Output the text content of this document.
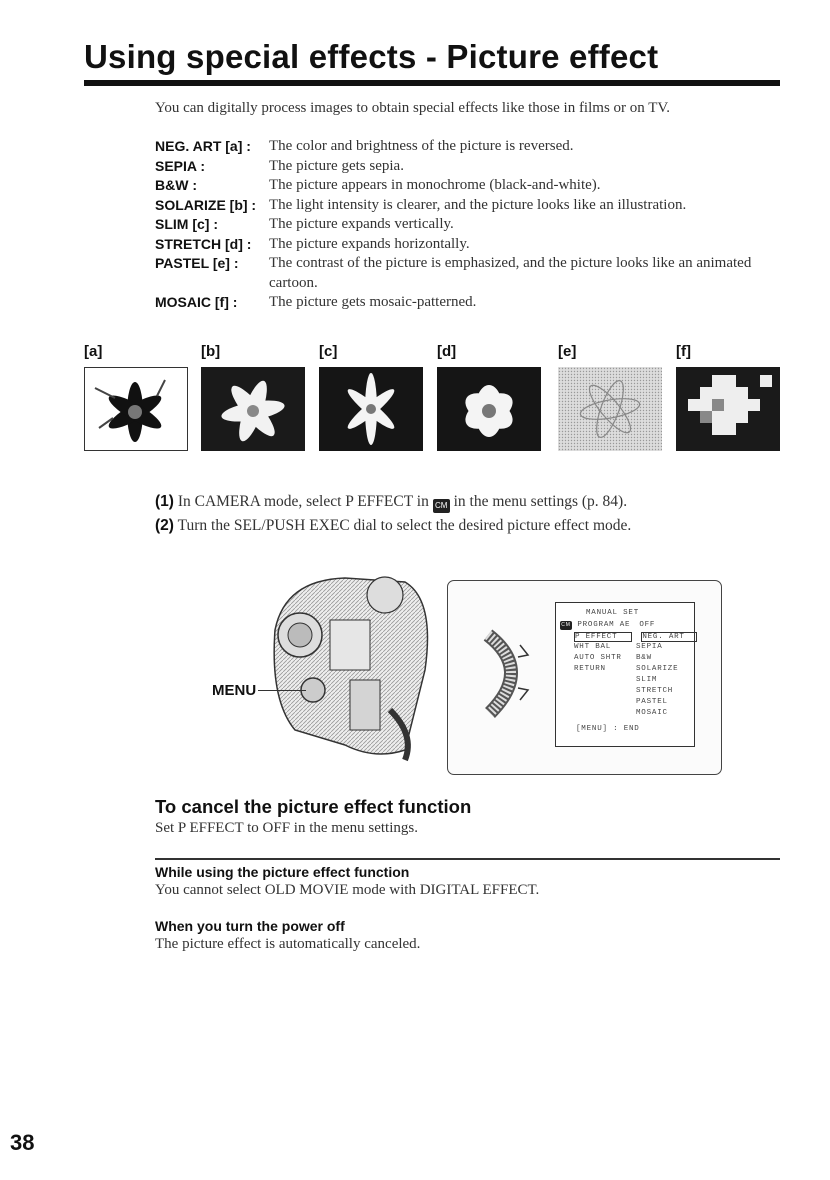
Using special effects - Picture effect
You can digitally process images to obtain special effects like those in films or on TV.
NEG. ART [a] :	The color and brightness of the picture is reversed.
SEPIA :	The picture gets sepia.
B&W :	The picture appears in monochrome (black-and-white).
SOLARIZE [b] : The light intensity is clearer, and the picture looks like an illustration.
SLIM [c] :	The picture expands vertically.
STRETCH [d] :	The picture expands horizontally.
PASTEL [e] :	The contrast of the picture is emphasized, and the picture looks like an animated cartoon.
MOSAIC [f] :	The picture gets mosaic-patterned.
[a]	[b]	[c]	[d]	[e]	[f]
(1) In CAMERA mode, select P EFFECT in CM in the menu settings (p. 84).
(2) Turn the SEL/PUSH EXEC dial to select the desired picture effect mode.
MENU
MANUAL SET
CM PROGRAM AE OFF
P EFFECT	NEG. ART
WHT BAL	SEPIA
AUTO SHTR B&W
RETURN	SOLARIZE
SLIM
STRETCH
PASTEL
MOSAIC
[MENU] : END
To cancel the picture effect function
Set P EFFECT to OFF in the menu settings.
While using the picture effect function
You cannot select OLD MOVIE mode with DIGITAL EFFECT.
When you turn the power off
The picture effect is automatically canceled.
38
